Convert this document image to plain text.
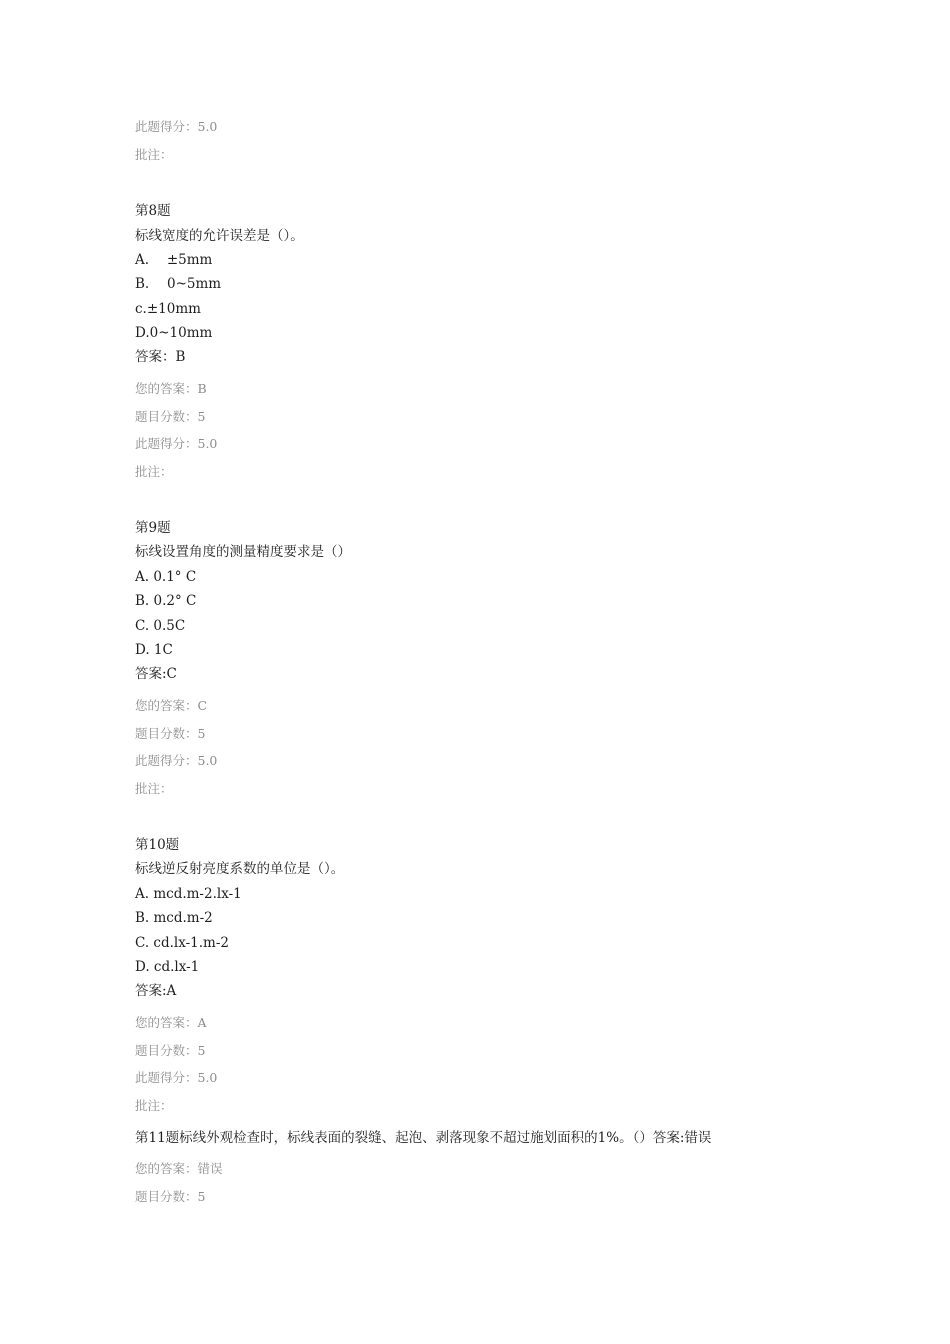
此题得分：5.0
批注：
第8题
标线宽度的允许误差是（）。
A.　 ±5mm
B.　 0~5mm
c.±10mm
D.0~10mm
答案：B
您的答案：B
题目分数：5
此题得分：5.0
批注：
第9题
标线设置角度的测量精度要求是（）
A. 0.1° C
B. 0.2° C
C. 0.5C
D. 1C
答案:C
您的答案：C
题目分数：5
此题得分：5.0
批注：
第10题
标线逆反射亮度系数的单位是（）。
A. mcd.m-2.lx-1
B. mcd.m-2
C. cd.lx-1.m-2
D. cd.lx-1
答案:A
您的答案：A
题目分数：5
此题得分：5.0
批注：
第11题标线外观检查时，标线表面的裂缝、起泡、剥落现象不超过施划面积的1%。（）答案:错误
您的答案：错误
题目分数：5
